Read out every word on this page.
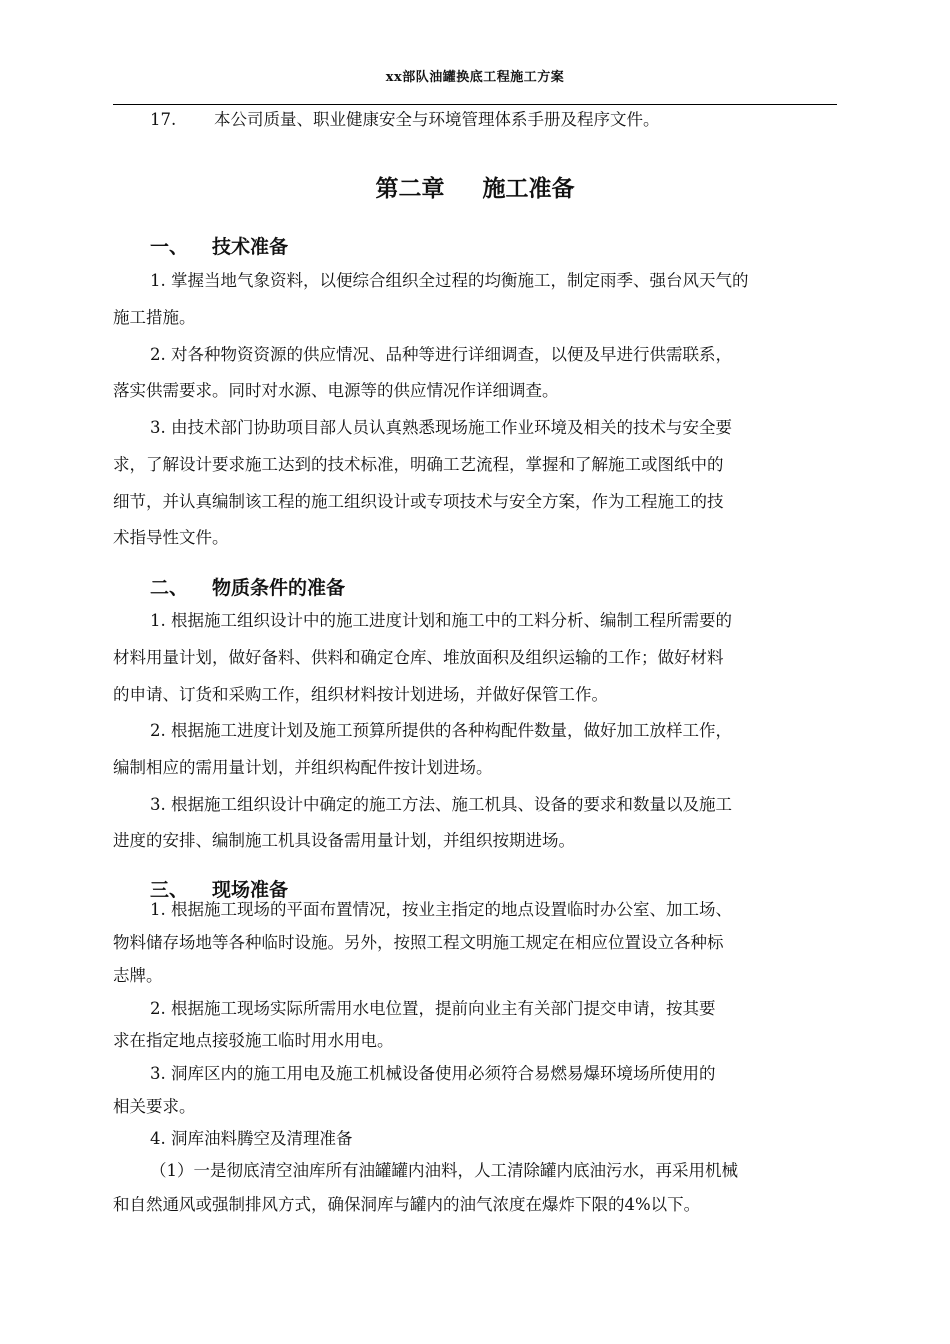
xx部队油罐换底工程施工方案
17. 本公司质量、职业健康安全与环境管理体系手册及程序文件。
第二章 施工准备
一、 技术准备
1. 掌握当地气象资料，以便综合组织全过程的均衡施工，制定雨季、强台风天气的
施工措施。
2. 对各种物资资源的供应情况、品种等进行详细调查，以便及早进行供需联系，
落实供需要求。同时对水源、电源等的供应情况作详细调查。
3. 由技术部门协助项目部人员认真熟悉现场施工作业环境及相关的技术与安全要
求，了解设计要求施工达到的技术标准，明确工艺流程，掌握和了解施工或图纸中的
细节，并认真编制该工程的施工组织设计或专项技术与安全方案，作为工程施工的技
术指导性文件。
二、 物质条件的准备
1. 根据施工组织设计中的施工进度计划和施工中的工料分析、编制工程所需要的
材料用量计划，做好备料、供料和确定仓库、堆放面积及组织运输的工作；做好材料
的申请、订货和采购工作，组织材料按计划进场，并做好保管工作。
2. 根据施工进度计划及施工预算所提供的各种构配件数量，做好加工放样工作，
编制相应的需用量计划，并组织构配件按计划进场。
3. 根据施工组织设计中确定的施工方法、施工机具、设备的要求和数量以及施工
进度的安排、编制施工机具设备需用量计划，并组织按期进场。
三、 现场准备
1. 根据施工现场的平面布置情况，按业主指定的地点设置临时办公室、加工场、
物料储存场地等各种临时设施。另外，按照工程文明施工规定在相应位置设立各种标
志牌。
2. 根据施工现场实际所需用水电位置，提前向业主有关部门提交申请，按其要
求在指定地点接驳施工临时用水用电。
3. 洞库区内的施工用电及施工机械设备使用必须符合易燃易爆环境场所使用的
相关要求。
4. 洞库油料腾空及清理准备
（1）一是彻底清空油库所有油罐罐内油料，人工清除罐内底油污水，再采用机械
和自然通风或强制排风方式，确保洞库与罐内的油气浓度在爆炸下限的4%以下。
